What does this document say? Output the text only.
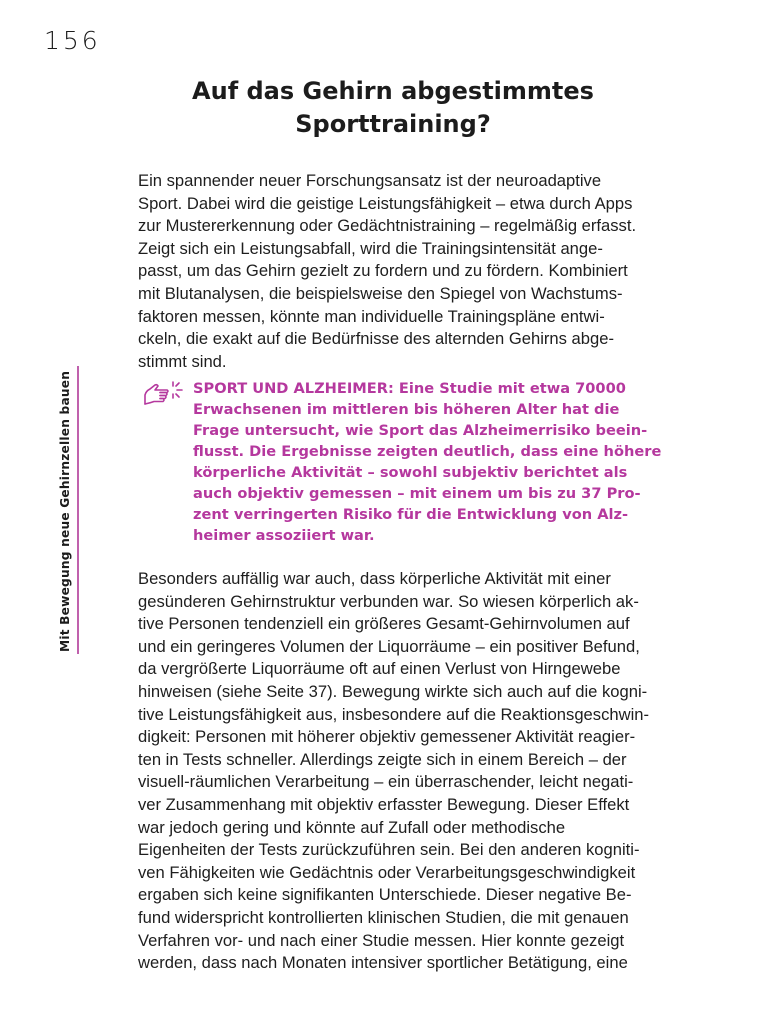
156
Auf das Gehirn abgestimmtes
Sporttraining?

Ein spannender neuer Forschungsansatz ist der neuroadaptive
Sport. Dabei wird die geistige Leistungsfähigkeit – etwa durch Apps
zur Mustererkennung oder Gedächtnistraining – regelmäßig erfasst.
Zeigt sich ein Leistungsabfall, wird die Trainingsintensität ange-
passt, um das Gehirn gezielt zu fordern und zu fördern. Kombiniert
mit Blutanalysen, die beispielsweise den Spiegel von Wachstums-
faktoren messen, könnte man individuelle Trainingspläne entwi-
ckeln, die exakt auf die Bedürfnisse des alternden Gehirns abge-
stimmt sind.

Mit Bewegung neue Gehirnzellen bauen	SPORT UND ALZHEIMER: Eine Studie mit etwa 70000
Erwachsenen im mittleren bis höheren Alter hat die
Frage untersucht, wie Sport das Alzheimerrisiko beein-
flusst. Die Ergebnisse zeigten deutlich, dass eine höhere
körperliche Aktivität – sowohl subjektiv berichtet als
auch objektiv gemessen – mit einem um bis zu 37 Pro-
zent verringerten Risiko für die Entwicklung von Alz-
heimer assoziiert war.

Besonders auffällig war auch, dass körperliche Aktivität mit einer
gesünderen Gehirnstruktur verbunden war. So wiesen körperlich ak-
tive Personen tendenziell ein größeres Gesamt-Gehirnvolumen auf
und ein geringeres Volumen der Liquorräume – ein positiver Befund,
da vergrößerte Liquorräume oft auf einen Verlust von Hirngewebe
hinweisen (siehe Seite 37). Bewegung wirkte sich auch auf die kogni-
tive Leistungsfähigkeit aus, insbesondere auf die Reaktionsgeschwin-
digkeit: Personen mit höherer objektiv gemessener Aktivität reagier-
ten in Tests schneller. Allerdings zeigte sich in einem Bereich – der
visuell-räumlichen Verarbeitung – ein überraschender, leicht negati-
ver Zusammenhang mit objektiv erfasster Bewegung. Dieser Effekt
war jedoch gering und könnte auf Zufall oder methodische
Eigenheiten der Tests zurückzuführen sein. Bei den anderen kogniti-
ven Fähigkeiten wie Gedächtnis oder Verarbeitungsgeschwindigkeit
ergaben sich keine signifikanten Unterschiede. Dieser negative Be-
fund widerspricht kontrollierten klinischen Studien, die mit genauen
Verfahren vor- und nach einer Studie messen. Hier konnte gezeigt
werden, dass nach Monaten intensiver sportlicher Betätigung, eine
